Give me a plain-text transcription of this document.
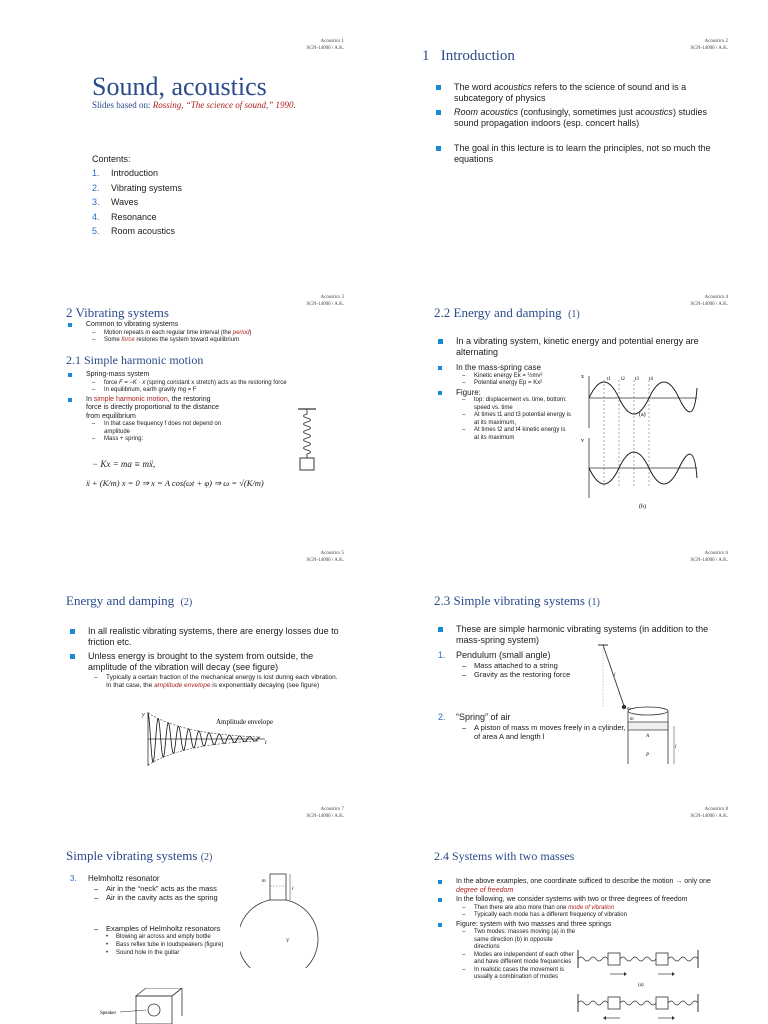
Acoustics 1
SGN-14006 / A.K.
Sound, acoustics
Slides based on: Rossing, “The science of sound,” 1990.
Contents:
1.	Introduction
2.	Vibrating systems
3.	Waves
4.	Resonance
5.	Room acoustics
Acoustics 2
SGN-14006 / A.K.
1 Introduction
The word acoustics refers to the science of sound and is a subcategory of physics
Room acoustics (confusingly, sometimes just acoustics) studies sound propagation indoors (esp. concert halls)
The goal in this lecture is to learn the principles, not so much the equations
Acoustics 3
SGN-14006 / A.K.
2 Vibrating systems
Common to vibrating systems
– Motion repeats in each regular time interval (the period)
– Some force restores the system toward equilibrium
2.1 Simple harmonic motion
Spring-mass system
– force F = −K · x (spring constant x stretch) acts as the restoring force
– In equilibrium, earth gravity mg = F
In simple harmonic motion, the restoring force is directly proportional to the distance from equilibrium
– In that case frequency f does not depend on amplitude
– Mass + spring:
− Kx = ma ≡ mẍ,
ẍ + (K/m) x = 0 ⇒ x = A cos(ωt + φ) ⇒ ω = √(K/m)
Acoustics 4
SGN-14006 / A.K.
2.2 Energy and damping (1)
In a vibrating system, kinetic energy and potential energy are alternating
In the mass-spring case
– Kinetic energy Ek = ½mv²
– Potential energy Ep = Kx²
Figure:
– top: displacement vs. time, bottom: speed vs. time
– At times t1 and t3 potential energy is at its maximum,
– At times t2 and t4 kinetic energy is at its maximum
x
(a)
t1 t2 t3 t4
v
(b)
Acoustics 5
SGN-14006 / A.K.
Energy and damping (2)
In all realistic vibrating systems, there are energy losses due to friction etc.
Unless energy is brought to the system from outside, the amplitude of the vibration will decay (see figure)
– Typically a certain fraction of the mechanical energy is lost during each vibration. In that case, the amplitude envelope is exponentially decaying (see figure)
y
t
Amplitude envelope
Acoustics 6
SGN-14006 / A.K.
2.3 Simple vibrating systems (1)
These are simple harmonic vibrating systems (in addition to the mass-spring system)
1. Pendulum (small angle)
– Mass attached to a string
– Gravity as the restoring force
2. “Spring” of air
– A piston of mass m moves freely in a cylinder, of area A and length l
l
m
m
A
P
l
Acoustics 7
SGN-14006 / A.K.
Simple vibrating systems (2)
3. Helmholtz resonator
– Air in the “neck” acts as the mass
– Air in the cavity acts as the spring
– Examples of Helmholtz resonators
• Blowing air across and empty bottle
• Bass reflex tube in loudspeakers (figure)
• Sound hole in the guitar
m
l
V
Speaker
Acoustics 8
SGN-14006 / A.K.
2.4 Systems with two masses
In the above examples, one coordinate sufficed to describe the motion → only one degree of freedom
In the following, we consider systems with two or three degrees of freedom
– Then there are also more than one mode of vibration
– Typically each mode has a different frequency of vibration
Figure: system with two masses and three springs
– Two modes: masses moving (a) in the same direction (b) in opposite directions
– Modes are independent of each other and have different mode frequencies
– In realistic cases the movement is usually a combination of modes
(a)
